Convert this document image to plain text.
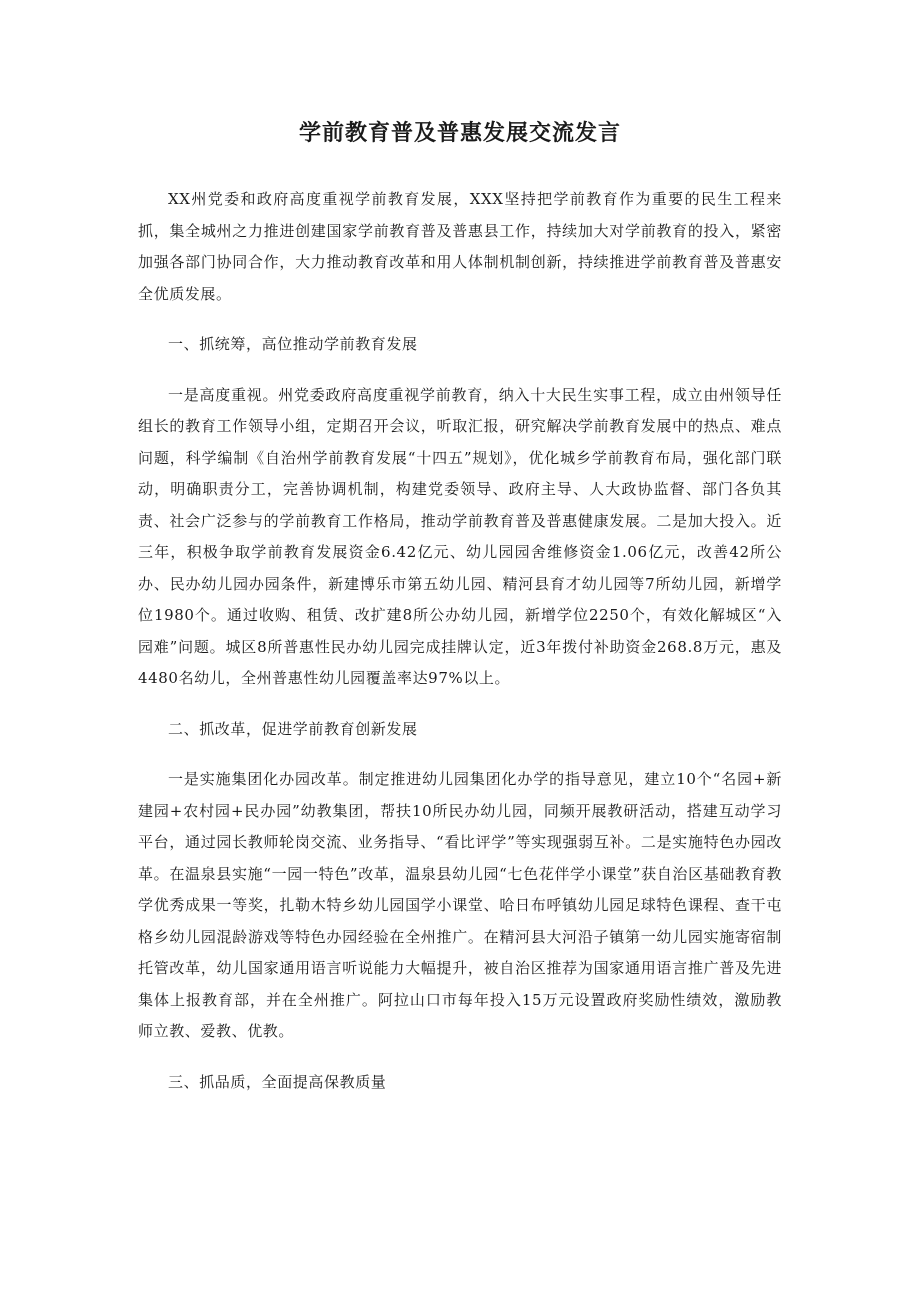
学前教育普及普惠发展交流发言

XX州党委和政府高度重视学前教育发展，XXX坚持把学前教育作为重要的民生工程来抓，集全城州之力推进创建国家学前教育普及普惠县工作，持续加大对学前教育的投入，紧密加强各部门协同合作，大力推动教育改革和用人体制机制创新，持续推进学前教育普及普惠安全优质发展。

一、抓统筹，高位推动学前教育发展

一是高度重视。州党委政府高度重视学前教育，纳入十大民生实事工程，成立由州领导任组长的教育工作领导小组，定期召开会议，听取汇报，研究解决学前教育发展中的热点、难点问题，科学编制《自治州学前教育发展“十四五”规划》，优化城乡学前教育布局，强化部门联动，明确职责分工，完善协调机制，构建党委领导、政府主导、人大政协监督、部门各负其责、社会广泛参与的学前教育工作格局，推动学前教育普及普惠健康发展。二是加大投入。近三年，积极争取学前教育发展资金6.42亿元、幼儿园园舍维修资金1.06亿元，改善42所公办、民办幼儿园办园条件，新建博乐市第五幼儿园、精河县育才幼儿园等7所幼儿园，新增学位1980个。通过收购、租赁、改扩建8所公办幼儿园，新增学位2250个，有效化解城区“入园难”问题。城区8所普惠性民办幼儿园完成挂牌认定，近3年拨付补助资金268.8万元，惠及4480名幼儿，全州普惠性幼儿园覆盖率达97%以上。

二、抓改革，促进学前教育创新发展

一是实施集团化办园改革。制定推进幼儿园集团化办学的指导意见，建立10个“名园+新建园+农村园+民办园”幼教集团，帮扶10所民办幼儿园，同频开展教研活动，搭建互动学习平台，通过园长教师轮岗交流、业务指导、“看比评学”等实现强弱互补。二是实施特色办园改革。在温泉县实施“一园一特色”改革，温泉县幼儿园“七色花伴学小课堂”获自治区基础教育教学优秀成果一等奖，扎勒木特乡幼儿园国学小课堂、哈日布呼镇幼儿园足球特色课程、查干屯格乡幼儿园混龄游戏等特色办园经验在全州推广。在精河县大河沿子镇第一幼儿园实施寄宿制托管改革，幼儿国家通用语言听说能力大幅提升，被自治区推荐为国家通用语言推广普及先进集体上报教育部，并在全州推广。阿拉山口市每年投入15万元设置政府奖励性绩效，激励教师立教、爱教、优教。

三、抓品质，全面提高保教质量
